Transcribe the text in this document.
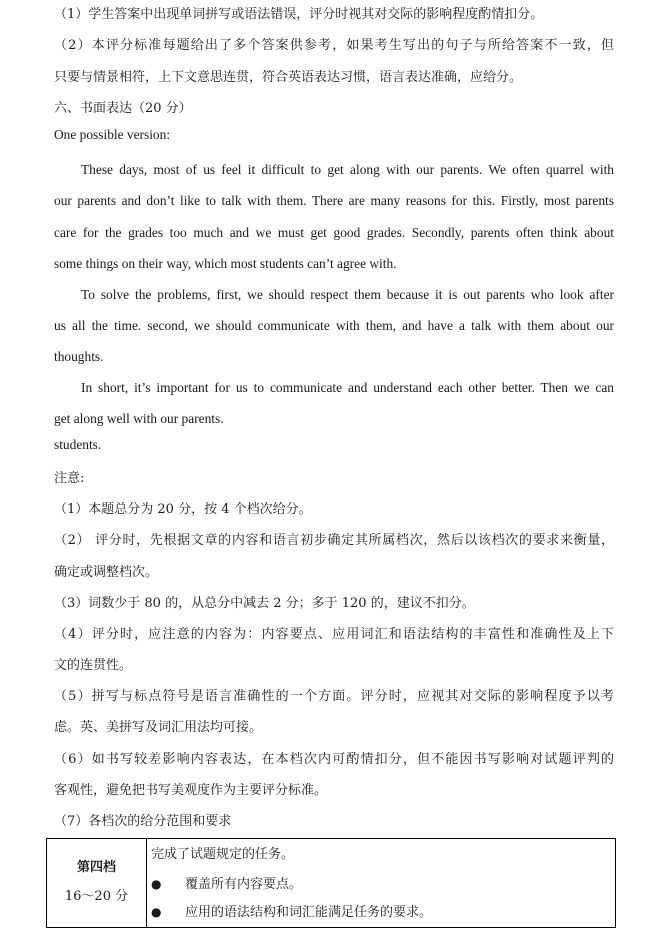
（1）学生答案中出现单词拼写或语法错误，评分时视其对交际的影响程度酌情扣分。
（2）本评分标准每题给出了多个答案供参考，如果考生写出的句子与所给答案不一致，但
只要与情景相符，上下文意思连贯，符合英语表达习惯，语言表达准确，应给分。
六、书面表达（20 分）
One possible version:
These days, most of us feel it difficult to get along with our parents. We often quarrel with
our parents and don’t like to talk with them. There are many reasons for this. Firstly, most parents
care for the grades too much and we must get good grades. Secondly, parents often think about
some things on their way, which most students can’t agree with.
To solve the problems, first, we should respect them because it is out parents who look after
us all the time. second, we should communicate with them, and have a talk with them about our
thoughts.
In short, it’s important for us to communicate and understand each other better. Then we can
get along well with our parents.
students.
注意:
（1）本题总分为 20 分，按 4 个档次给分。
（2） 评分时，先根据文章的内容和语言初步确定其所属档次，然后以该档次的要求来衡量，
确定或调整档次。
（3）词数少于 80 的，从总分中减去 2 分；多于 120 的，建议不扣分。
（4）评分时，应注意的内容为：内容要点、应用词汇和语法结构的丰富性和准确性及上下
文的连贯性。
（5）拼写与标点符号是语言准确性的一个方面。评分时，应视其对交际的影响程度予以考
虑。英、美拼写及词汇用法均可接。
（6）如书写较差影响内容表达，在本档次内可酌情扣分，但不能因书写影响对试题评判的
客观性，避免把书写美观度作为主要评分标准。
（7）各档次的给分范围和要求
第四档
16～20 分
完成了试题规定的任务。
● 覆盖所有内容要点。
● 应用的语法结构和词汇能满足任务的要求。
